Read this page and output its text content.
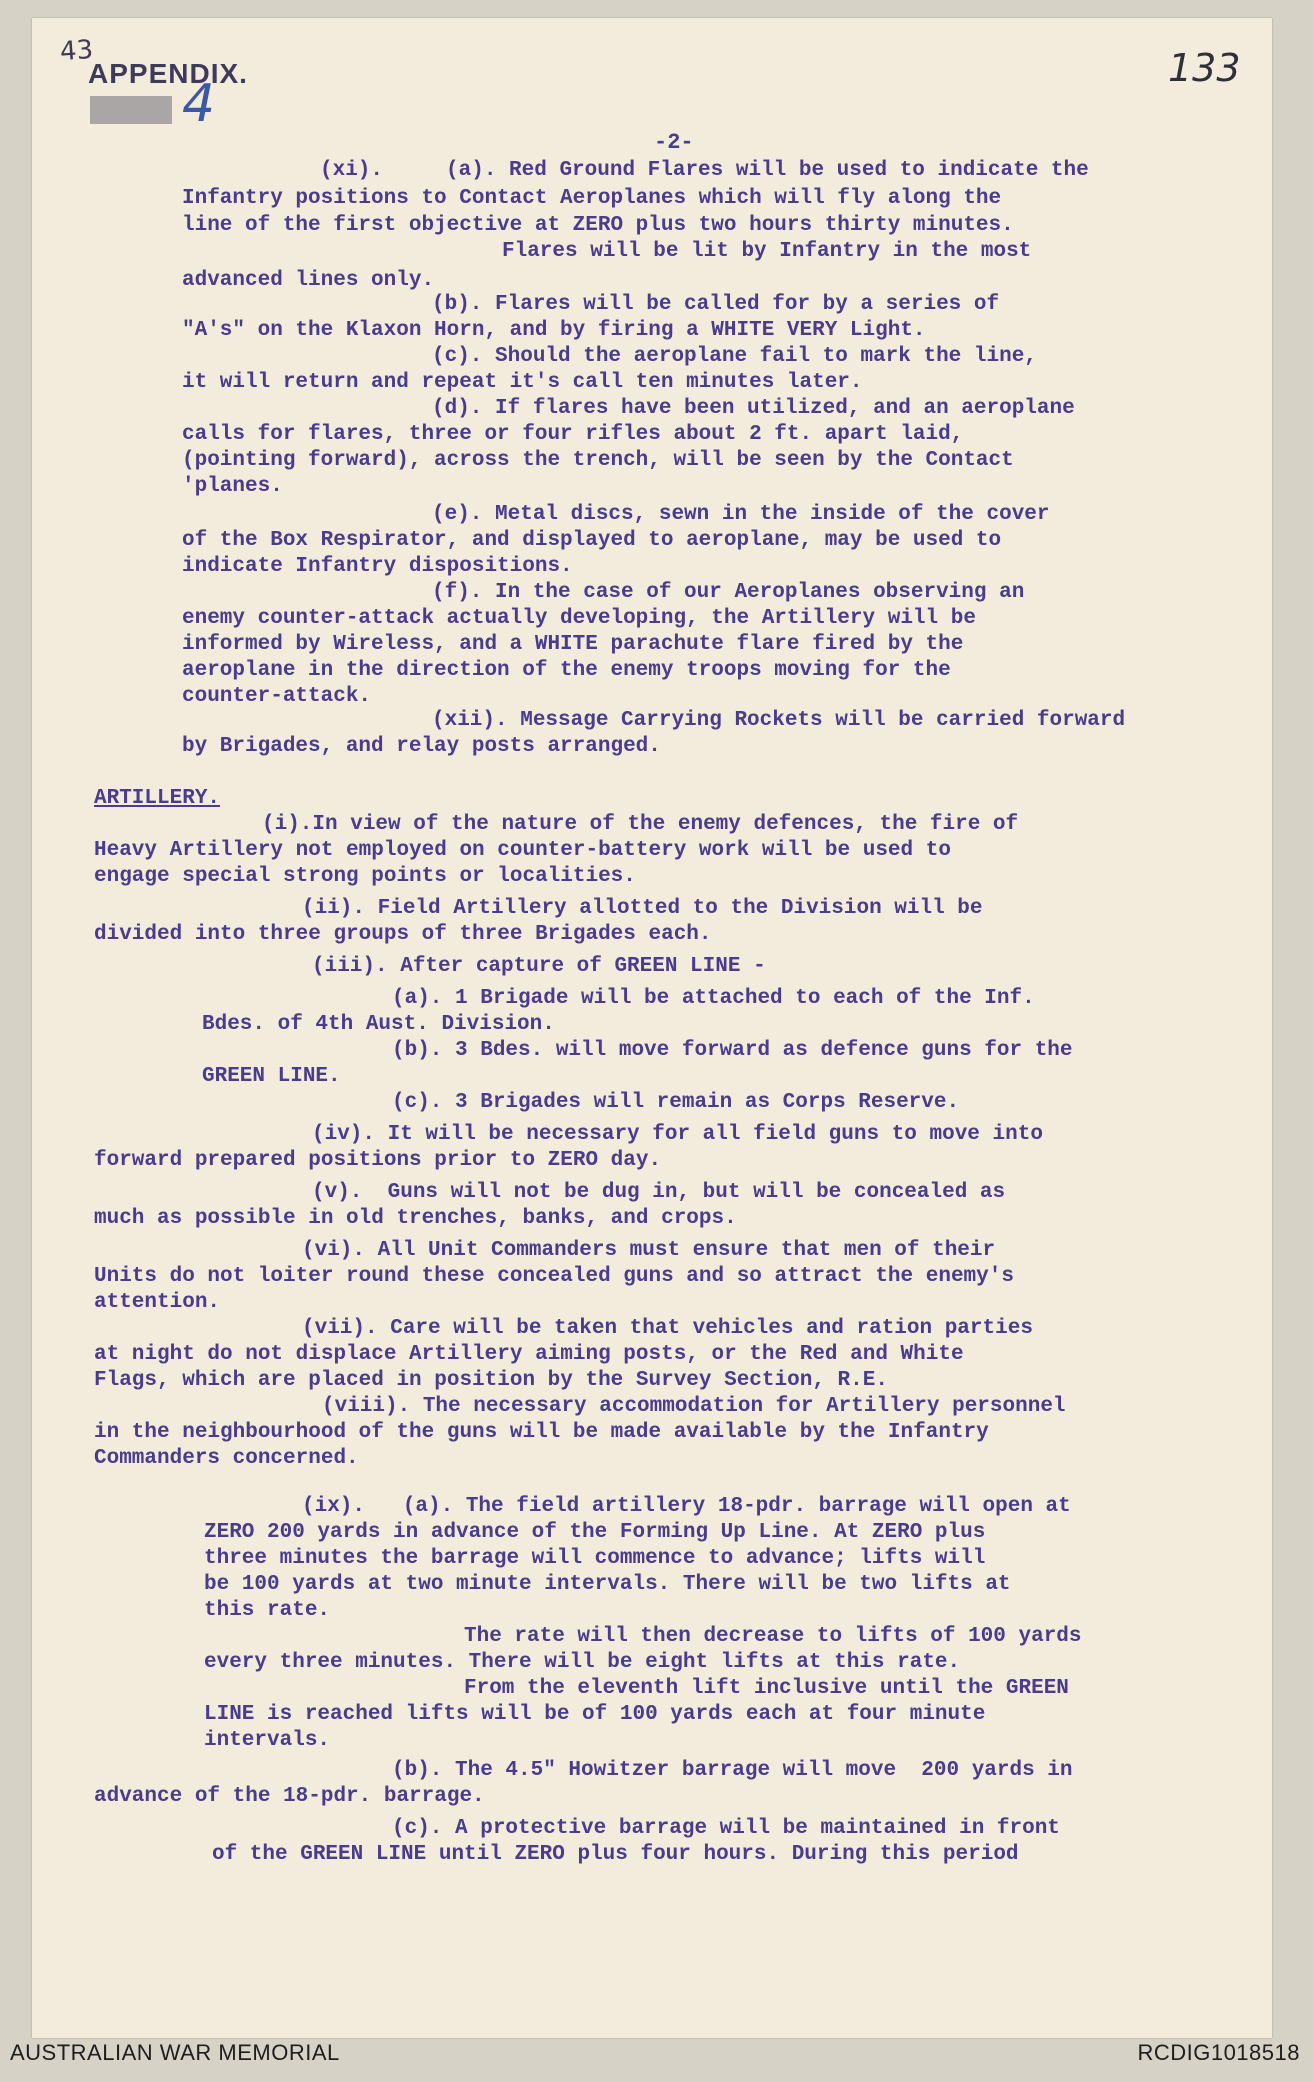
43
APPENDIX.
4
133
-2-
(xi).     (a). Red Ground Flares will be used to indicate the
Infantry positions to Contact Aeroplanes which will fly along the
line of the first objective at ZERO plus two hours thirty minutes.
Flares will be lit by Infantry in the most
advanced lines only.
(b). Flares will be called for by a series of
"A's" on the Klaxon Horn, and by firing a WHITE VERY Light.
(c). Should the aeroplane fail to mark the line,
it will return and repeat it's call ten minutes later.
(d). If flares have been utilized, and an aeroplane
calls for flares, three or four rifles about 2 ft. apart laid,
(pointing forward), across the trench, will be seen by the Contact
'planes.
(e). Metal discs, sewn in the inside of the cover
of the Box Respirator, and displayed to aeroplane, may be used to
indicate Infantry dispositions.
(f). In the case of our Aeroplanes observing an
enemy counter-attack actually developing, the Artillery will be
informed by Wireless, and a WHITE parachute flare fired by the
aeroplane in the direction of the enemy troops moving for the
counter-attack.
(xii). Message Carrying Rockets will be carried forward
by Brigades, and relay posts arranged.
ARTILLERY.
(i).In view of the nature of the enemy defences, the fire of
Heavy Artillery not employed on counter-battery work will be used to
engage special strong points or localities.
(ii). Field Artillery allotted to the Division will be
divided into three groups of three Brigades each.
(iii). After capture of GREEN LINE -
(a). 1 Brigade will be attached to each of the Inf.
Bdes. of 4th Aust. Division.
(b). 3 Bdes. will move forward as defence guns for the
GREEN LINE.
(c). 3 Brigades will remain as Corps Reserve.
(iv). It will be necessary for all field guns to move into
forward prepared positions prior to ZERO day.
(v).  Guns will not be dug in, but will be concealed as
much as possible in old trenches, banks, and crops.
(vi). All Unit Commanders must ensure that men of their
Units do not loiter round these concealed guns and so attract the enemy's
attention.
(vii). Care will be taken that vehicles and ration parties
at night do not displace Artillery aiming posts, or the Red and White
Flags, which are placed in position by the Survey Section, R.E.
(viii). The necessary accommodation for Artillery personnel
in the neighbourhood of the guns will be made available by the Infantry
Commanders concerned.
(ix).   (a). The field artillery 18-pdr. barrage will open at
ZERO 200 yards in advance of the Forming Up Line. At ZERO plus
three minutes the barrage will commence to advance; lifts will
be 100 yards at two minute intervals. There will be two lifts at
this rate.
The rate will then decrease to lifts of 100 yards
every three minutes. There will be eight lifts at this rate.
From the eleventh lift inclusive until the GREEN
LINE is reached lifts will be of 100 yards each at four minute
intervals.
(b). The 4.5" Howitzer barrage will move  200 yards in
advance of the 18-pdr. barrage.
(c). A protective barrage will be maintained in front
of the GREEN LINE until ZERO plus four hours. During this period
AUSTRALIAN WAR MEMORIAL	RCDIG1018518
